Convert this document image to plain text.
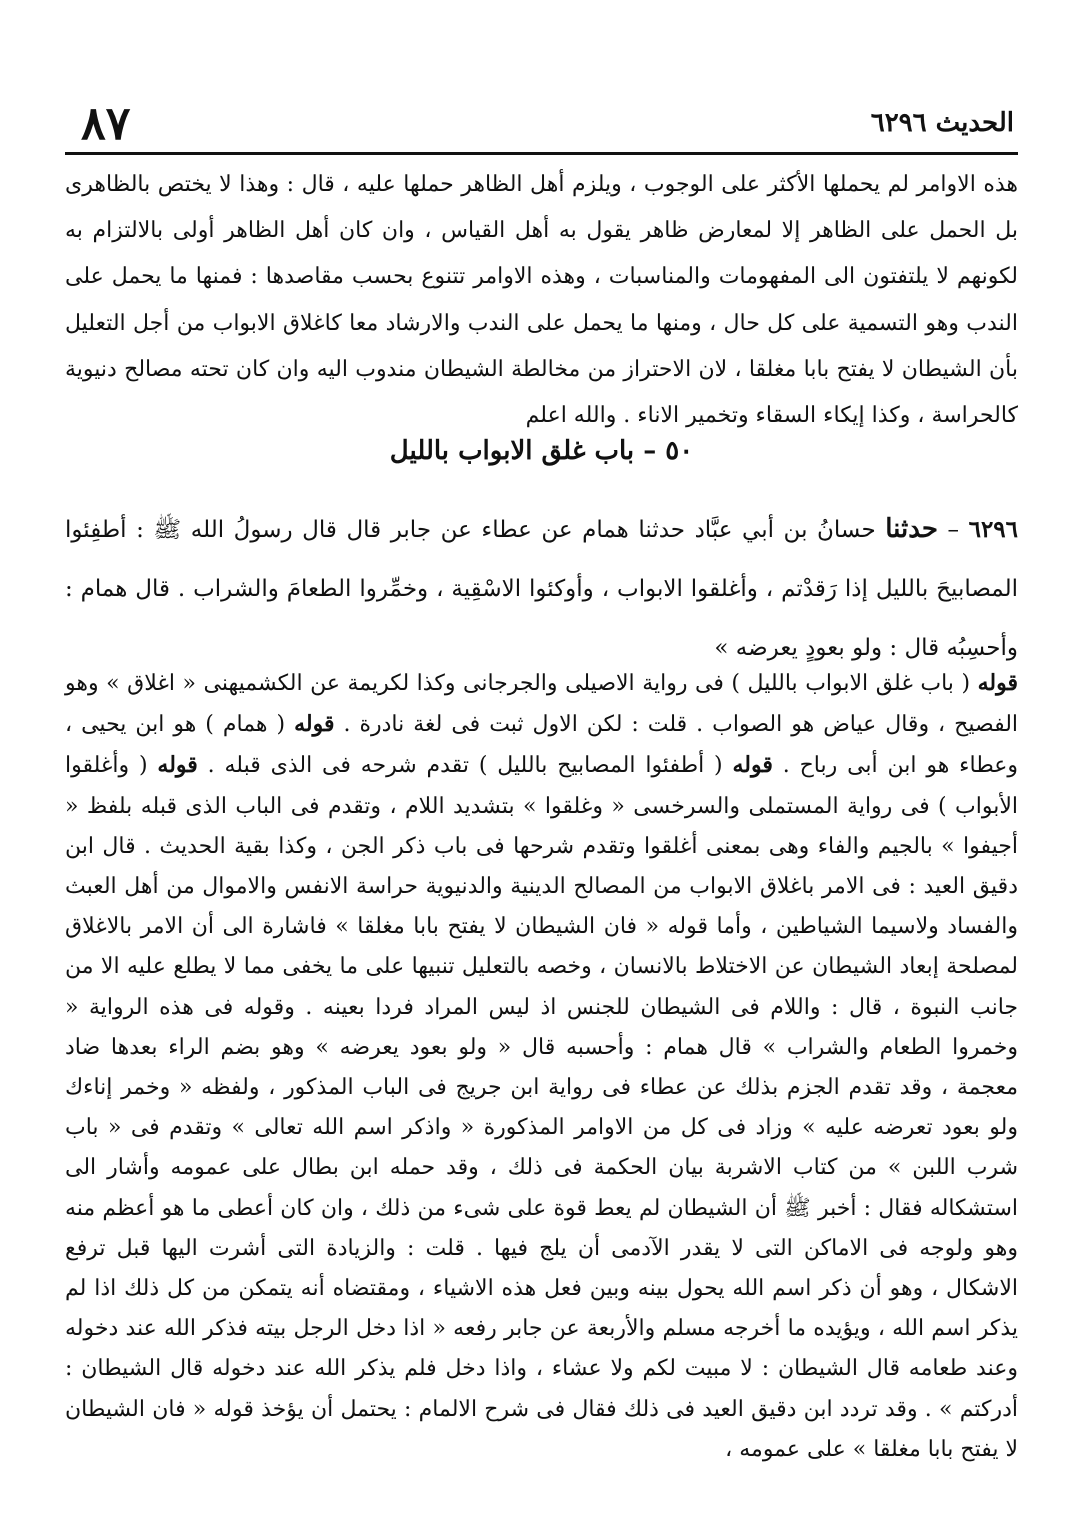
الحديث ٦٢٩٦
٨٧

هذه الاوامر لم يحملها الأكثر على الوجوب ، ويلزم أهل الظاهر حملها عليه ، قال : وهذا لا يختص بالظاهرى بل الحمل على الظاهر إلا لمعارض ظاهر يقول به أهل القياس ، وان كان أهل الظاهر أولى بالالتزام به لكونهم لا يلتفتون الى المفهومات والمناسبات ، وهذه الاوامر تتنوع بحسب مقاصدها : فمنها ما يحمل على الندب وهو التسمية على كل حال ، ومنها ما يحمل على الندب والارشاد معا كاغلاق الابواب من أجل التعليل بأن الشيطان لا يفتح بابا مغلقا ، لان الاحتراز من مخالطة الشيطان مندوب اليه وان كان تحته مصالح دنيوية كالحراسة ، وكذا إيكاء السقاء وتخمير الاناء . والله اعلم

٥٠ – باب غلق الابواب بالليل

٦٢٩٦ – حدثنا حسانُ بن أبي عبَّاد حدثنا همام عن عطاء عن جابر قال قال رسولُ الله ﷺ : أطفِئوا المصابيحَ بالليل إذا رَقدْتم ، وأغلقوا الابواب ، وأوكئوا الاسْقِية ، وخمِّروا الطعامَ والشراب . قال همام : وأحسِبُه قال : ولو بعودٍ يعرضه »

قوله ( باب غلق الابواب بالليل ) فى رواية الاصيلى والجرجانى وكذا لكريمة عن الكشميهنى « اغلاق » وهو الفصيح ، وقال عياض هو الصواب . قلت : لكن الاول ثبت فى لغة نادرة . قوله ( همام ) هو ابن يحيى ، وعطاء هو ابن أبى رباح . قوله ( أطفئوا المصابيح بالليل ) تقدم شرحه فى الذى قبله . قوله ( وأغلقوا الأبواب ) فى رواية المستملى والسرخسى « وغلقوا » بتشديد اللام ، وتقدم فى الباب الذى قبله بلفظ « أجيفوا » بالجيم والفاء وهى بمعنى أغلقوا وتقدم شرحها فى باب ذكر الجن ، وكذا بقية الحديث . قال ابن دقيق العيد : فى الامر باغلاق الابواب من المصالح الدينية والدنيوية حراسة الانفس والاموال من أهل العبث والفساد ولاسيما الشياطين ، وأما قوله « فان الشيطان لا يفتح بابا مغلقا » فاشارة الى أن الامر بالاغلاق لمصلحة إبعاد الشيطان عن الاختلاط بالانسان ، وخصه بالتعليل تنبيها على ما يخفى مما لا يطلع عليه الا من جانب النبوة ، قال : واللام فى الشيطان للجنس اذ ليس المراد فردا بعينه . وقوله فى هذه الرواية « وخمروا الطعام والشراب » قال همام : وأحسبه قال « ولو بعود يعرضه » وهو بضم الراء بعدها ضاد معجمة ، وقد تقدم الجزم بذلك عن عطاء فى رواية ابن جريج فى الباب المذكور ، ولفظه « وخمر إناءك ولو بعود تعرضه عليه » وزاد فى كل من الاوامر المذكورة « واذكر اسم الله تعالى » وتقدم فى « باب شرب اللبن » من كتاب الاشربة بيان الحكمة فى ذلك ، وقد حمله ابن بطال على عمومه وأشار الى استشكاله فقال : أخبر ﷺ أن الشيطان لم يعط قوة على شىء من ذلك ، وان كان أعطى ما هو أعظم منه وهو ولوجه فى الاماكن التى لا يقدر الآدمى أن يلج فيها . قلت : والزيادة التى أشرت اليها قبل ترفع الاشكال ، وهو أن ذكر اسم الله يحول بينه وبين فعل هذه الاشياء ، ومقتضاه أنه يتمكن من كل ذلك اذا لم يذكر اسم الله ، ويؤيده ما أخرجه مسلم والأربعة عن جابر رفعه « اذا دخل الرجل بيته فذكر الله عند دخوله وعند طعامه قال الشيطان : لا مبيت لكم ولا عشاء ، واذا دخل فلم يذكر الله عند دخوله قال الشيطان : أدركتم » . وقد تردد ابن دقيق العيد فى ذلك فقال فى شرح الالمام : يحتمل أن يؤخذ قوله « فان الشيطان لا يفتح بابا مغلقا » على عمومه ،
